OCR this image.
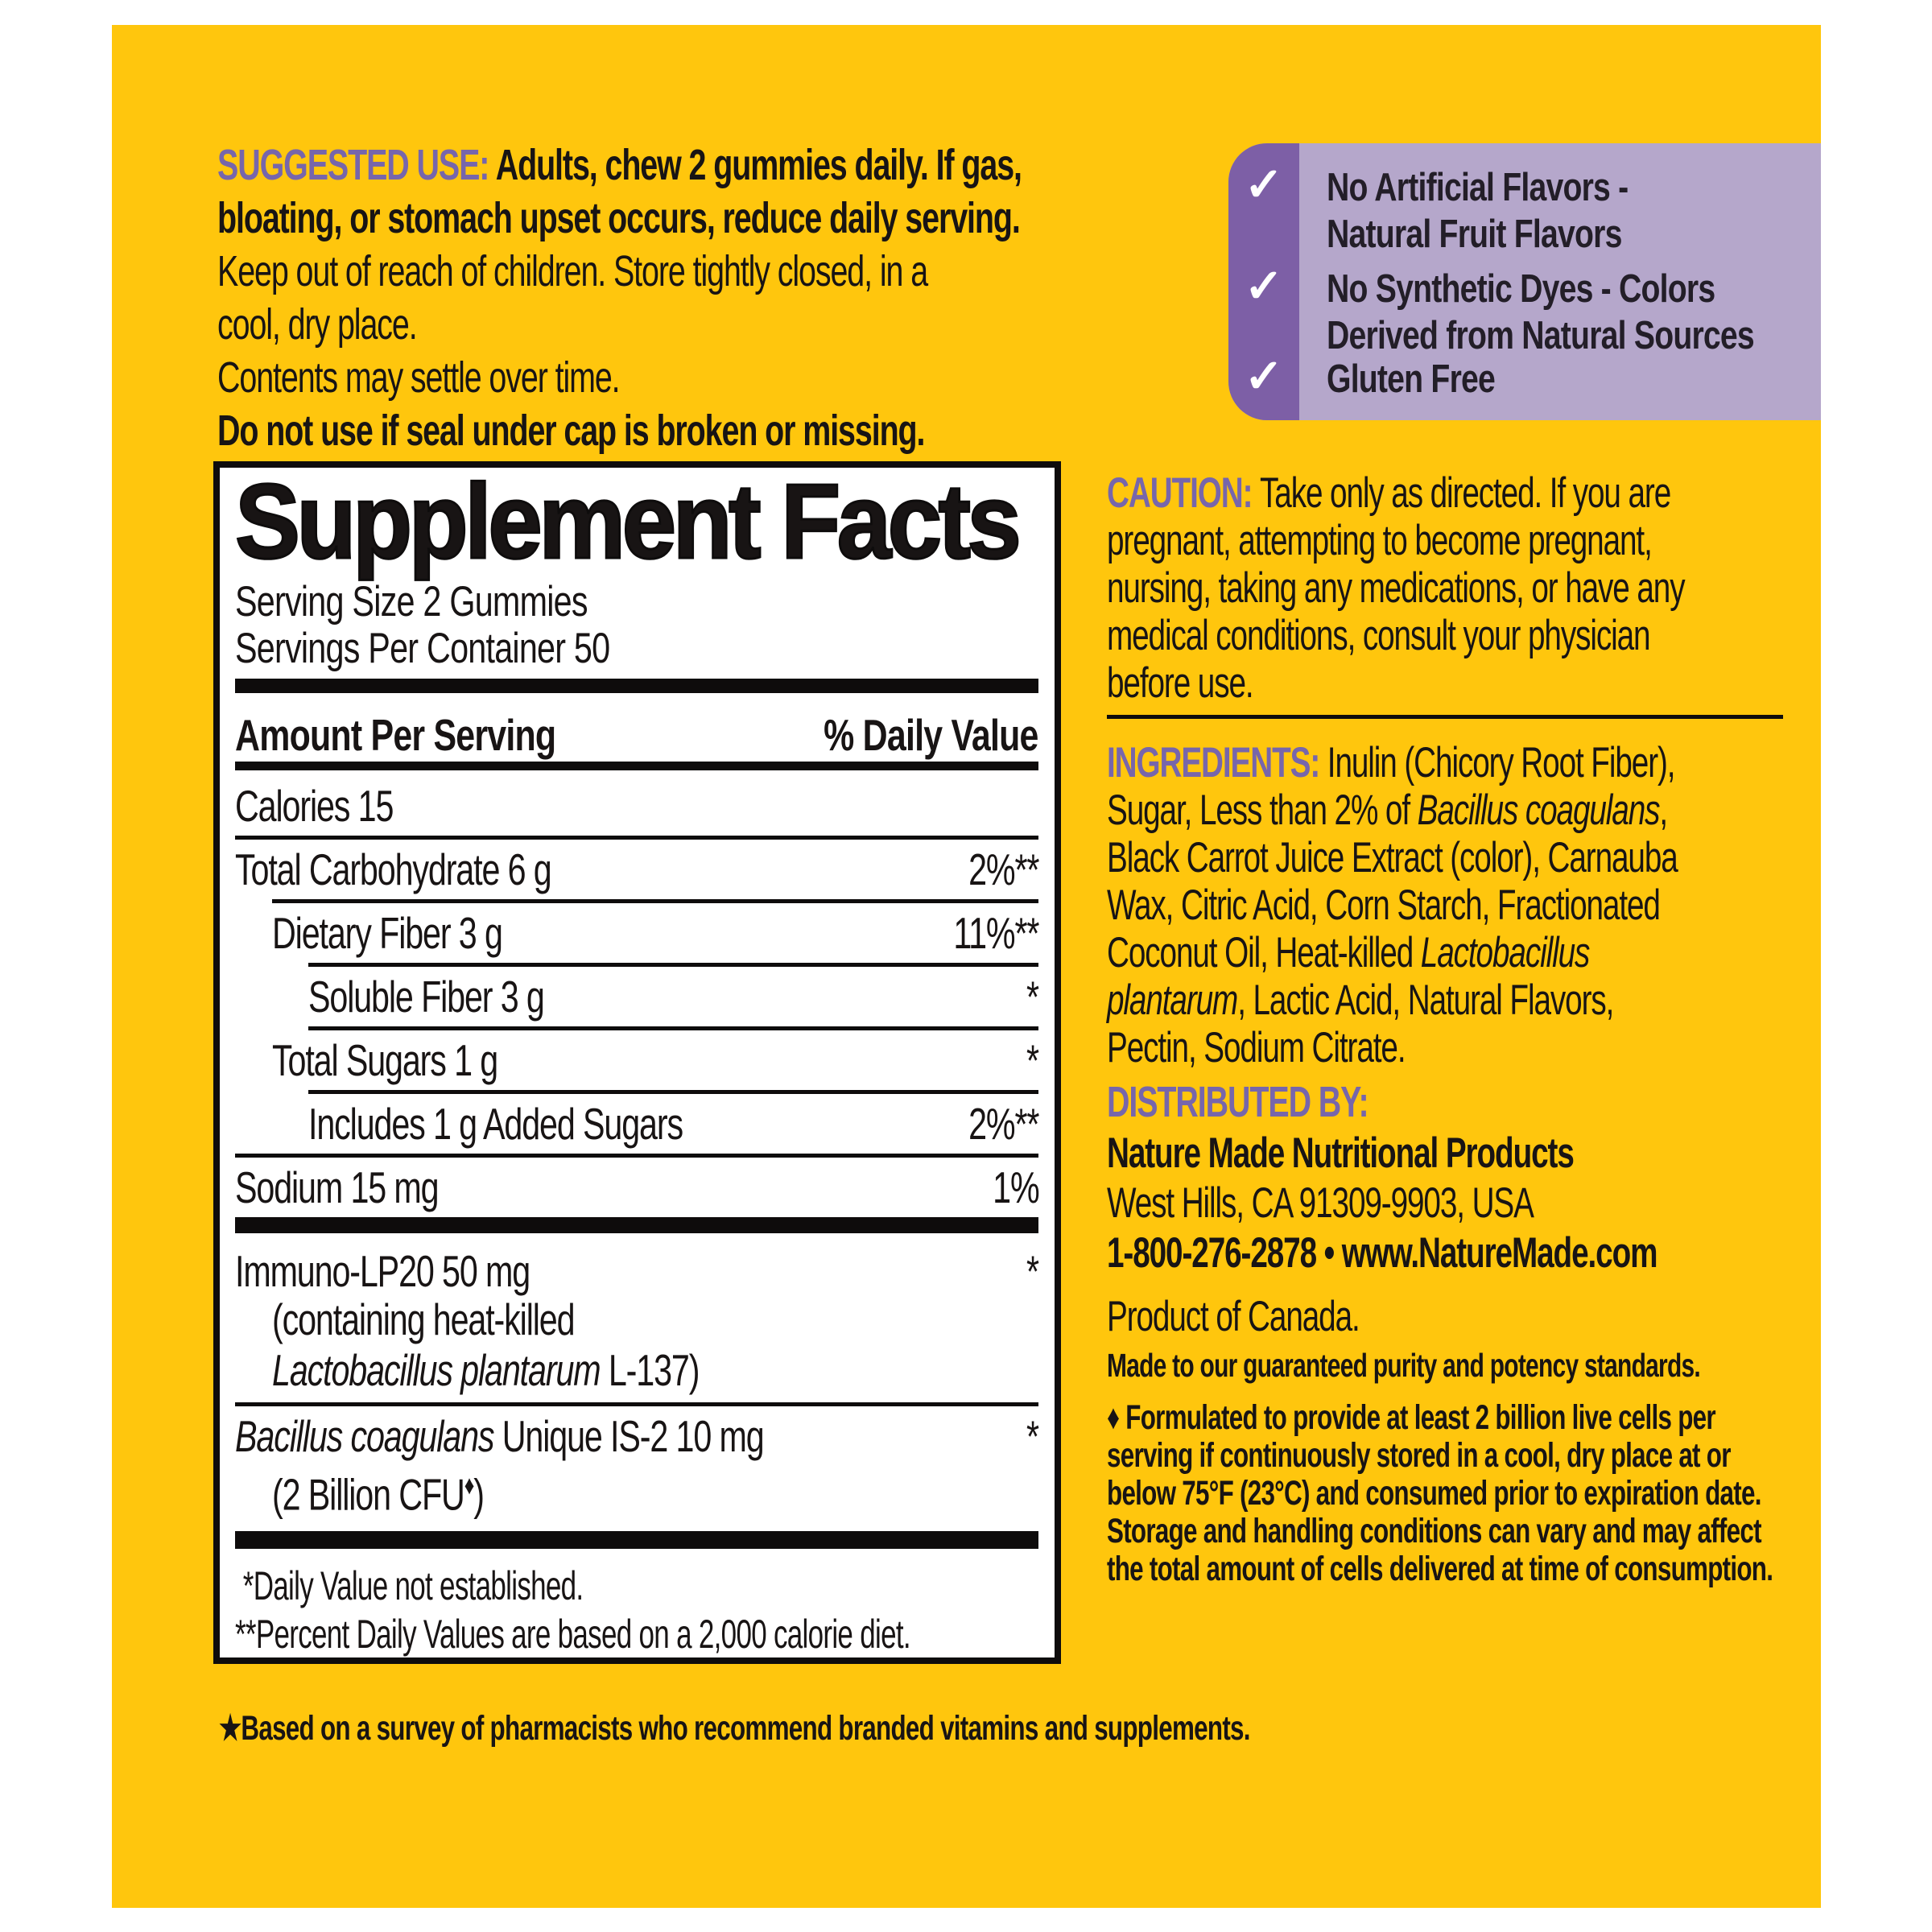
SUGGESTED USE: Adults, chew 2 gummies daily. If gas,
bloating, or stomach upset occurs, reduce daily serving.
Keep out of reach of children. Store tightly closed, in a
cool, dry place.
Contents may settle over time.
Do not use if seal under cap is broken or missing.
✓
✓
✓
No Artificial Flavors -
Natural Fruit Flavors
No Synthetic Dyes - Colors
Derived from Natural Sources
Gluten Free
Supplement Facts
Serving Size 2 Gummies
Servings Per Container 50
Amount Per Serving	% Daily Value
Calories 15
Total Carbohydrate 6 g	2%**
Dietary Fiber 3 g	11%**
Soluble Fiber 3 g	*
Total Sugars 1 g	*
Includes 1 g Added Sugars	2%**
Sodium 15 mg	1%
Immuno-LP20 50 mg	*
(containing heat-killed
Lactobacillus plantarum L-137)
Bacillus coagulans Unique IS-2 10 mg	*
(2 Billion CFU♦)
*Daily Value not established.
**Percent Daily Values are based on a 2,000 calorie diet.
★Based on a survey of pharmacists who recommend branded vitamins and supplements.
CAUTION: Take only as directed. If you are
pregnant, attempting to become pregnant,
nursing, taking any medications, or have any
medical conditions, consult your physician
before use.
INGREDIENTS: Inulin (Chicory Root Fiber),
Sugar, Less than 2% of Bacillus coagulans,
Black Carrot Juice Extract (color), Carnauba
Wax, Citric Acid, Corn Starch, Fractionated
Coconut Oil, Heat-killed Lactobacillus
plantarum, Lactic Acid, Natural Flavors,
Pectin, Sodium Citrate.
DISTRIBUTED BY:
Nature Made Nutritional Products
West Hills, CA 91309-9903, USA
1-800-276-2878 • www.NatureMade.com
Product of Canada.
Made to our guaranteed purity and potency standards.
♦ Formulated to provide at least 2 billion live cells per
serving if continuously stored in a cool, dry place at or
below 75°F (23°C) and consumed prior to expiration date.
Storage and handling conditions can vary and may affect
the total amount of cells delivered at time of consumption.
